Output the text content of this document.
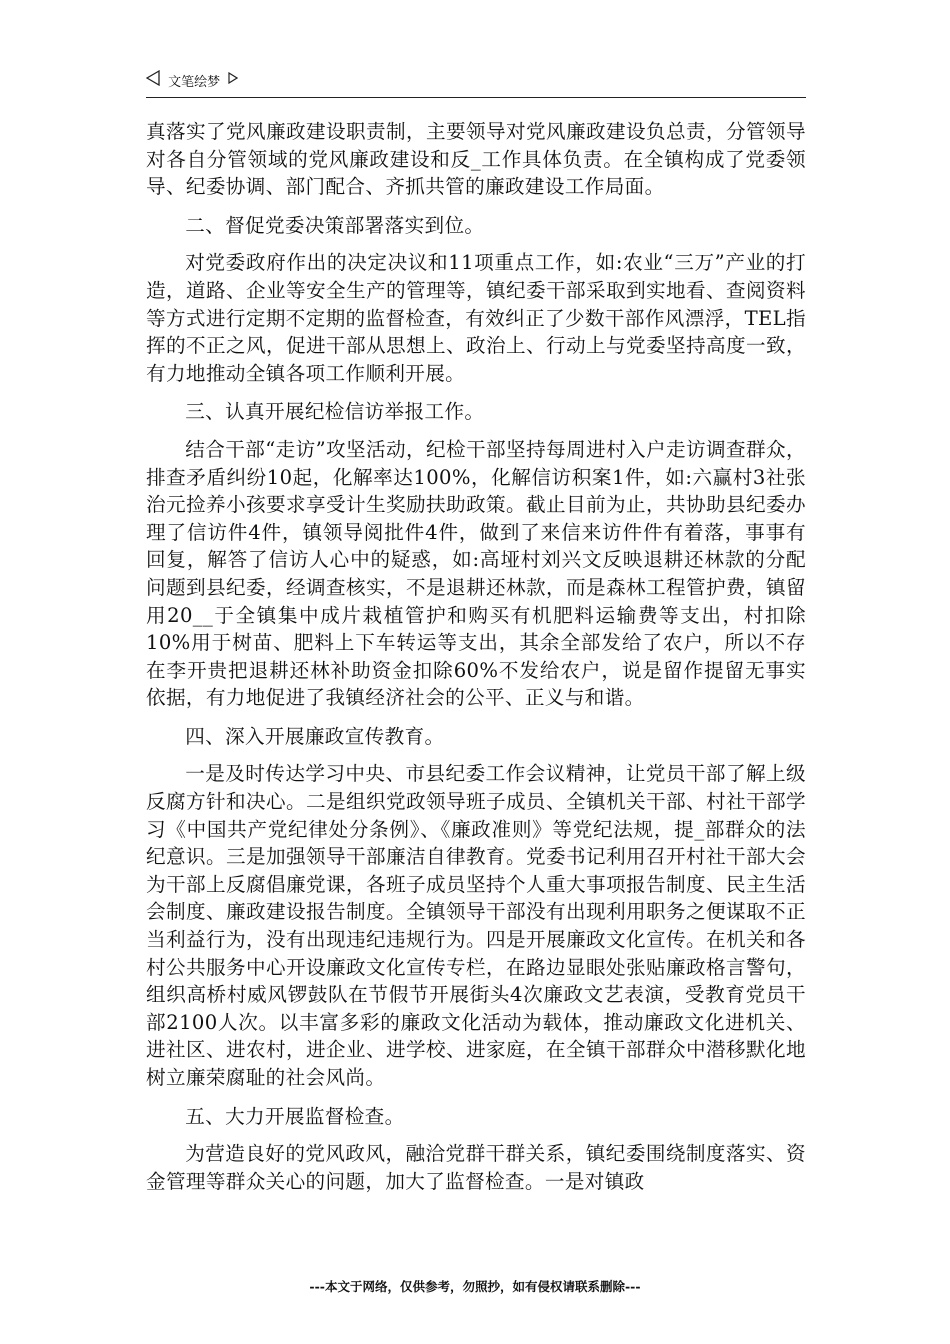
文笔绘梦

真落实了党风廉政建设职责制，主要领导对党风廉政建设负总责，分管领导对各自分管领域的党风廉政建设和反_工作具体负责。在全镇构成了党委领导、纪委协调、部门配合、齐抓共管的廉政建设工作局面。

二、督促党委决策部署落实到位。

对党委政府作出的决定决议和11项重点工作，如:农业“三万”产业的打造，道路、企业等安全生产的管理等，镇纪委干部采取到实地看、查阅资料等方式进行定期不定期的监督检查，有效纠正了少数干部作风漂浮，TEL指挥的不正之风，促进干部从思想上、政治上、行动上与党委坚持高度一致，有力地推动全镇各项工作顺利开展。

三、认真开展纪检信访举报工作。

结合干部“走访”攻坚活动，纪检干部坚持每周进村入户走访调查群众，排查矛盾纠纷10起，化解率达100%，化解信访积案1件，如:六赢村3社张治元捡养小孩要求享受计生奖励扶助政策。截止目前为止，共协助县纪委办理了信访件4件，镇领导阅批件4件，做到了来信来访件件有着落，事事有回复，解答了信访人心中的疑惑，如:高垭村刘兴文反映退耕还林款的分配问题到县纪委，经调查核实，不是退耕还林款，而是森林工程管护费，镇留用20__于全镇集中成片栽植管护和购买有机肥料运输费等支出，村扣除10%用于树苗、肥料上下车转运等支出，其余全部发给了农户，所以不存在李开贵把退耕还林补助资金扣除60%不发给农户，说是留作提留无事实依据，有力地促进了我镇经济社会的公平、正义与和谐。

四、深入开展廉政宣传教育。

一是及时传达学习中央、市县纪委工作会议精神，让党员干部了解上级反腐方针和决心。二是组织党政领导班子成员、全镇机关干部、村社干部学习《中国共产党纪律处分条例》、《廉政准则》等党纪法规，提_部群众的法纪意识。三是加强领导干部廉洁自律教育。党委书记利用召开村社干部大会为干部上反腐倡廉党课，各班子成员坚持个人重大事项报告制度、民主生活会制度、廉政建设报告制度。全镇领导干部没有出现利用职务之便谋取不正当利益行为，没有出现违纪违规行为。四是开展廉政文化宣传。在机关和各村公共服务中心开设廉政文化宣传专栏，在路边显眼处张贴廉政格言警句，组织高桥村威风锣鼓队在节假节开展街头4次廉政文艺表演，受教育党员干部2100人次。以丰富多彩的廉政文化活动为载体，推动廉政文化进机关、进社区、进农村，进企业、进学校、进家庭，在全镇干部群众中潜移默化地树立廉荣腐耻的社会风尚。

五、大力开展监督检查。

为营造良好的党风政风，融洽党群干群关系，镇纪委围绕制度落实、资金管理等群众关心的问题，加大了监督检查。一是对镇政

---本文于网络，仅供参考，勿照抄，如有侵权请联系删除---
